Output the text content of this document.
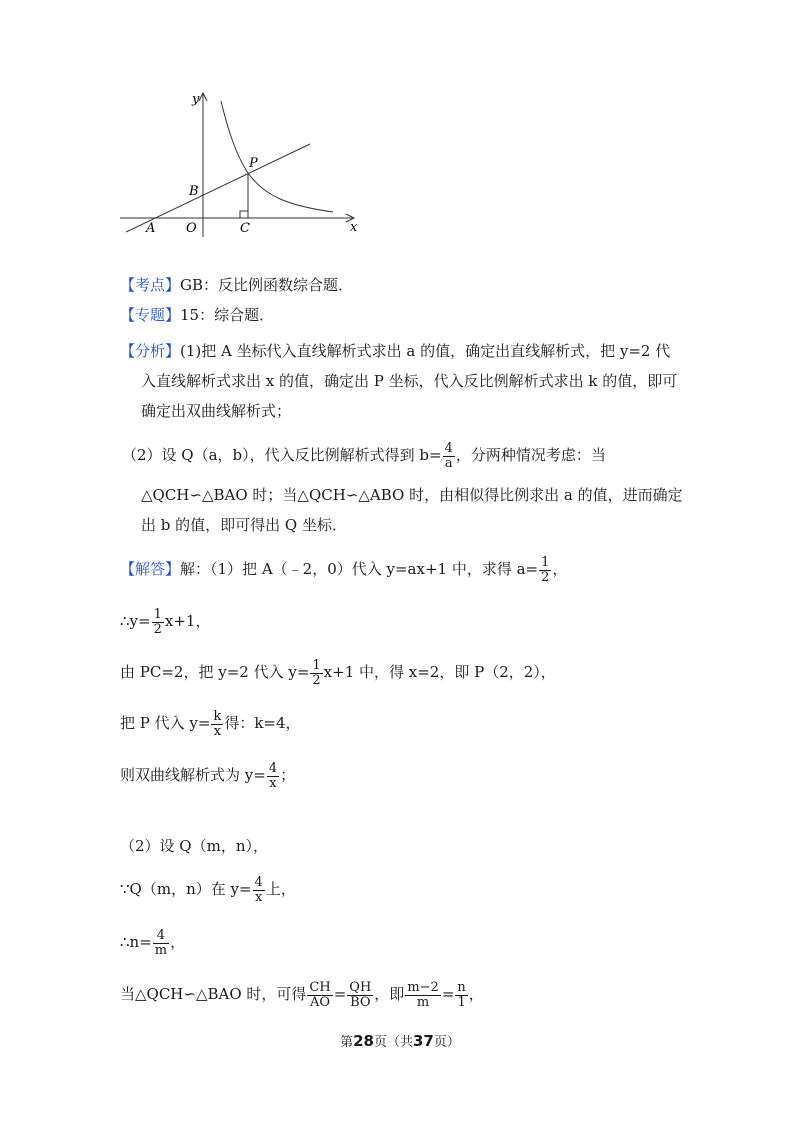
y
x
P
B
A O	C
【考点】GB：反比例函数综合题．
【专题】15：综合题．
【分析】(1)把 A 坐标代入直线解析式求出 a 的值，确定出直线解析式，把 y=2 代
入直线解析式求出 x 的值，确定出 P 坐标，代入反比例解析式求出 k 的值，即可
确定出双曲线解析式；
（2）设 Q（a，b），代入反比例解析式得到 $b= \frac{4}{a}$ ，分两种情况考虑：当
△QCH∽△BAO 时；当△QCH∽△ABO 时，由相似得比例求出 a 的值，进而确定
出 b 的值，即可得出 Q 坐标．
【解答】解：（1）把 A（﹣2，0）代入 y=ax+1 中，求得 $a= \frac{1}{2}$ ，
∴y= $\frac{1}{2} x+1$，
由 PC=2，把 y=2 代入 $y= \frac{1}{2} x+1$ 中，得 x=2，即 P（2，2），
把 P 代入 $y= \frac{k}{x}$ 得：k=4，
则双曲线解析式为 $y= \frac{4}{x}$ ；
（2）设 Q（m，n），
∵Q（m，n）在 $y= \frac{4}{x}$ 上，
∴n= $\frac{4}{m}$ ，
当△QCH∽△BAO 时，可得 $\frac{CH}{AO} = \frac{QH}{BO}$ ，即 $\frac{m-2}{m} = \frac{n}{1}$ ，
第28页（共37页）
